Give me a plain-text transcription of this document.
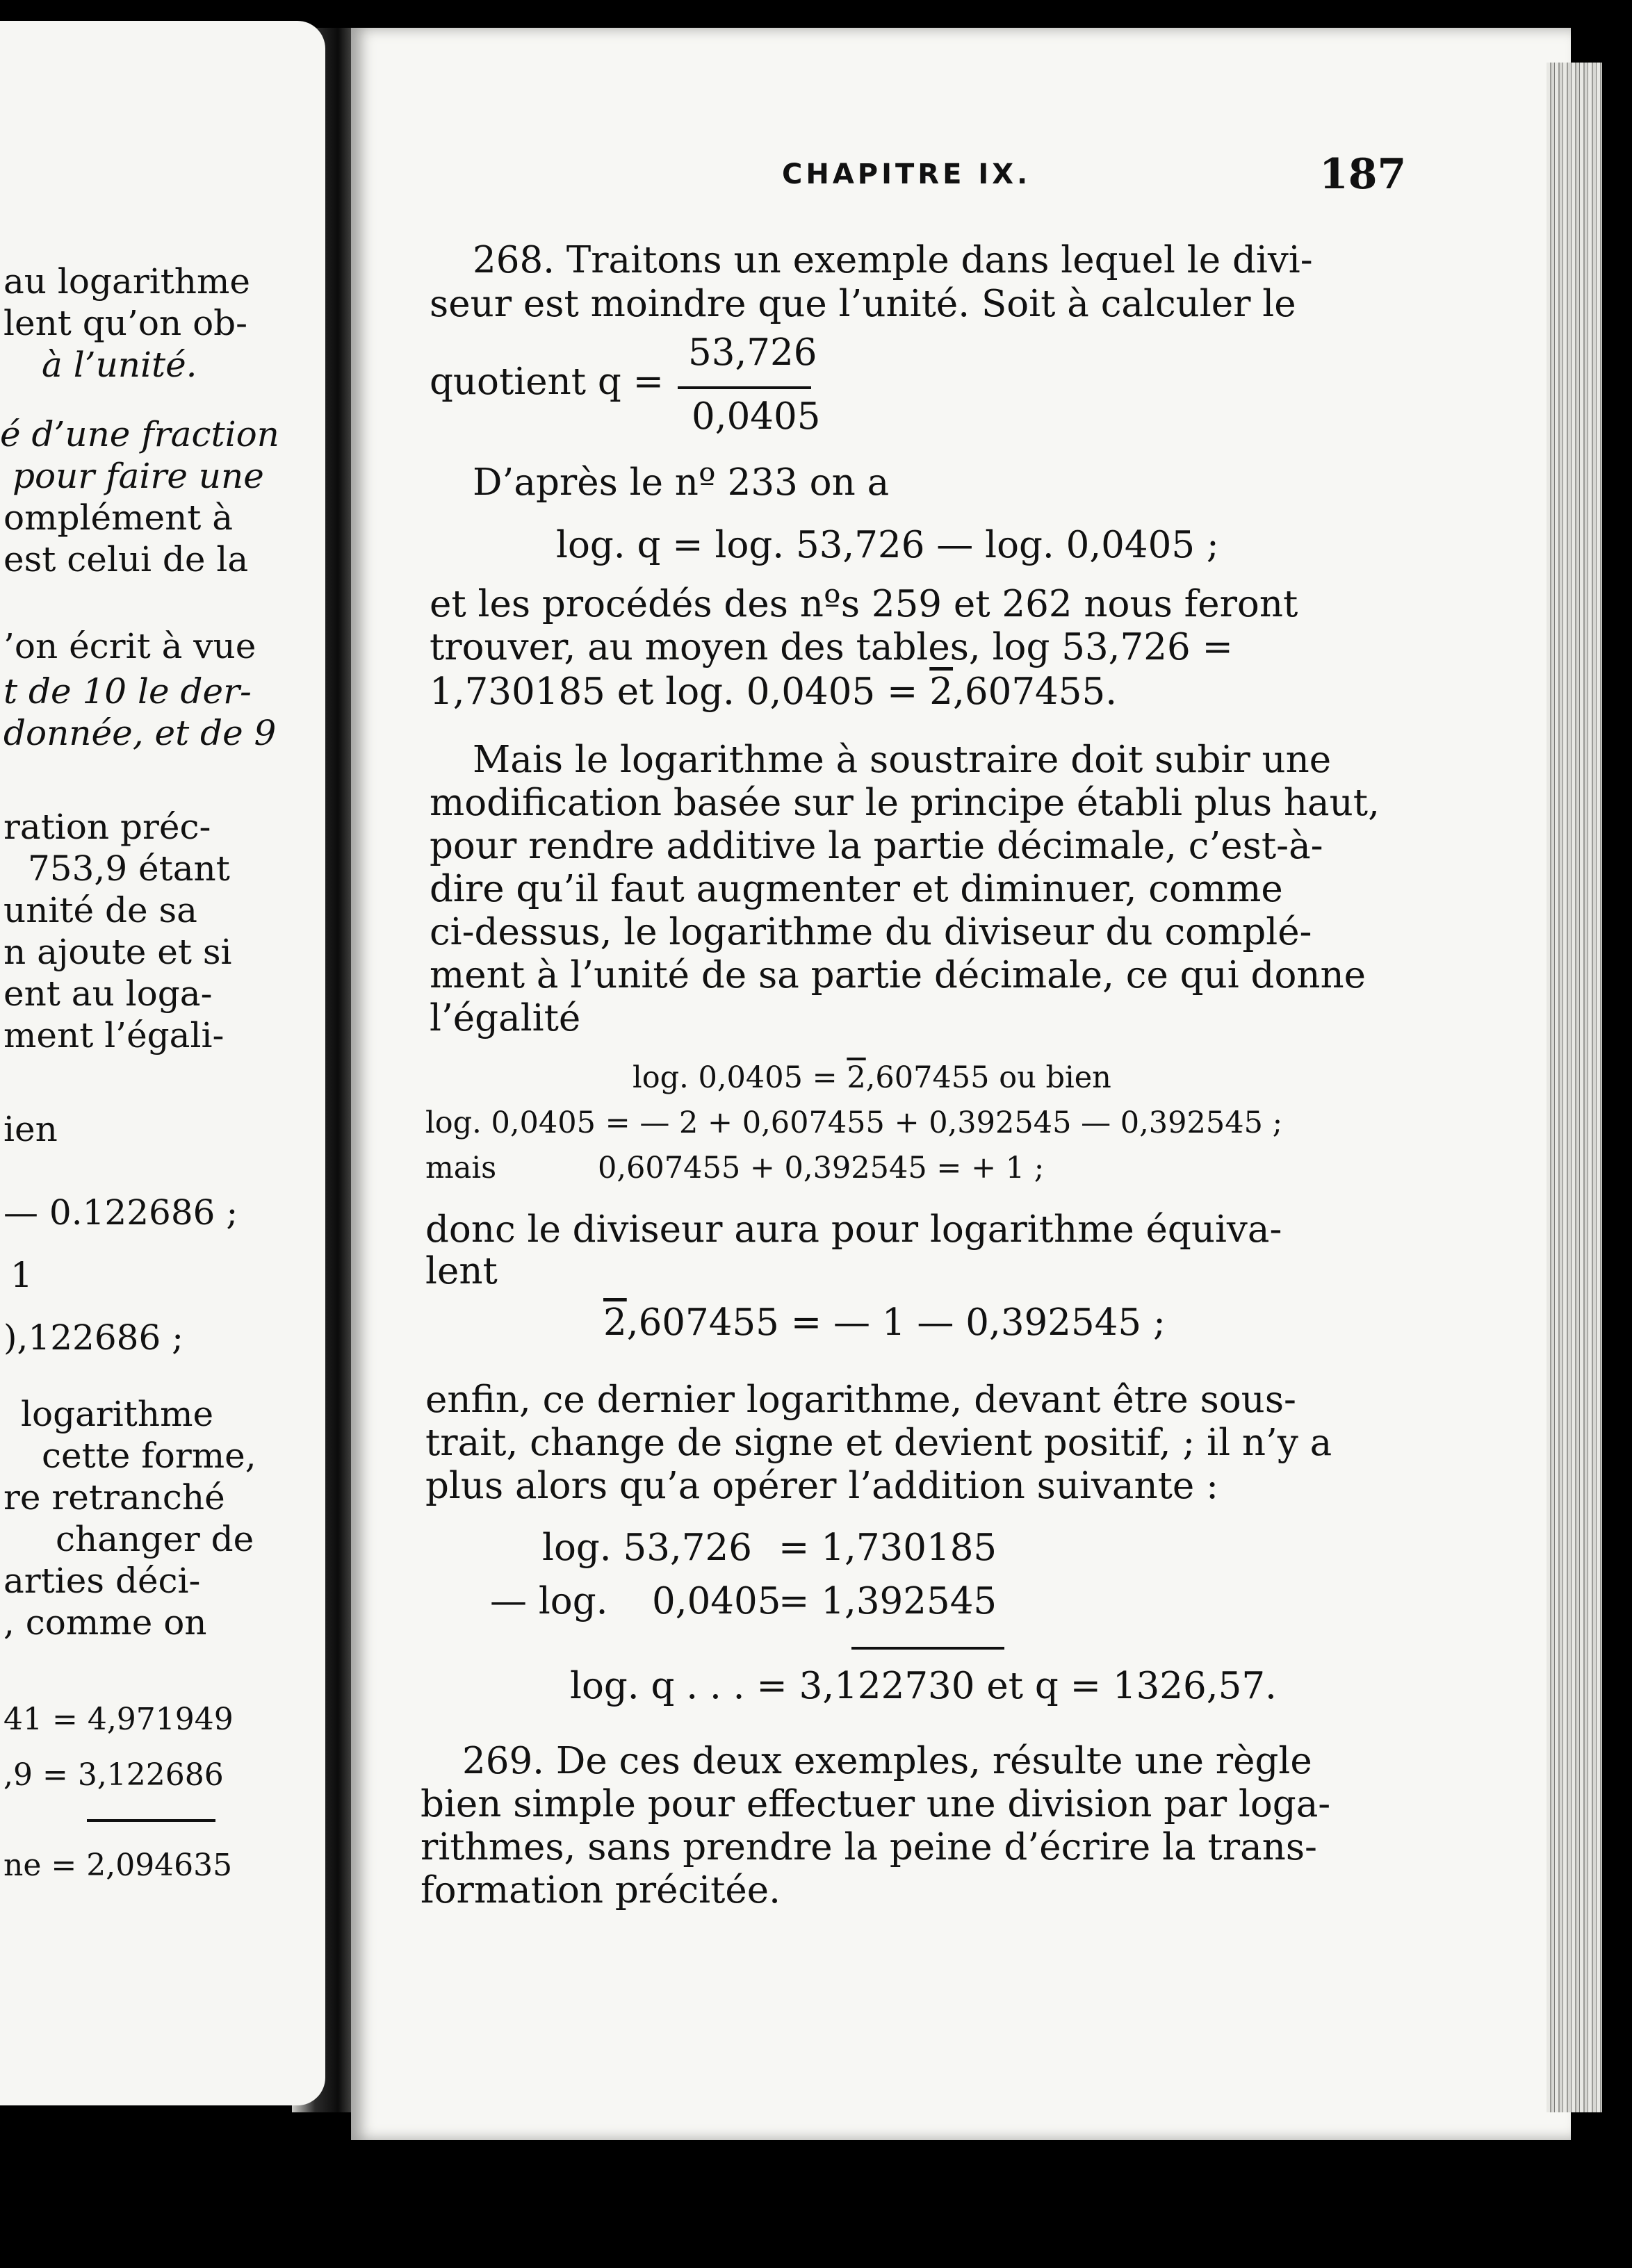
au logarithme
lent qu’on ob-
à l’unité.
é d’une fraction
pour faire une
omplément à
est celui de la
’on écrit à vue
t de 10 le der-
donnée, et de 9
ration préc-
753,9 étant
unité de sa
n ajoute et si
ent au loga-
ment l’égali-
ien
— 0.122686 ;
1
),122686 ;
logarithme
cette forme,
re retranché
changer de
arties déci-
, comme on
41 = 4,971949
,9 = 3,122686
ne = 2,094635
CHAPITRE IX.	187
268. Traitons un exemple dans lequel le divi-
seur est moindre que l’unité. Soit à calculer le
quotient q =
53,726
0,0405
D’après le nº 233 on a
log. q = log. 53,726 — log. 0,0405 ;
et les procédés des nºs 259 et 262 nous feront
trouver, au moyen des tables, log 53,726 =
1,730185 et log. 0,0405 = 2,607455.
Mais le logarithme à soustraire doit subir une
modification basée sur le principe établi plus haut,
pour rendre additive la partie décimale, c’est-à-
dire qu’il faut augmenter et diminuer, comme
ci-dessus, le logarithme du diviseur du complé-
ment à l’unité de sa partie décimale, ce qui donne
l’égalité
log. 0,0405 = 2,607455 ou bien
log. 0,0405 = — 2 + 0,607455 + 0,392545 — 0,392545 ;
mais	0,607455 + 0,392545 = + 1 ;
donc le diviseur aura pour logarithme équiva-
lent
2,607455 = — 1 — 0,392545 ;
enfin, ce dernier logarithme, devant être sous-
trait, change de signe et devient positif, ; il n’y a
plus alors qu’a opérer l’addition suivante :
log. 53,726 = 1,730185
— log. 0,0405
= 1,392545
log. q . . . = 3,122730 et q = 1326,57.
269. De ces deux exemples, résulte une règle
bien simple pour effectuer une division par loga-
rithmes, sans prendre la peine d’écrire la trans-
formation précitée.
